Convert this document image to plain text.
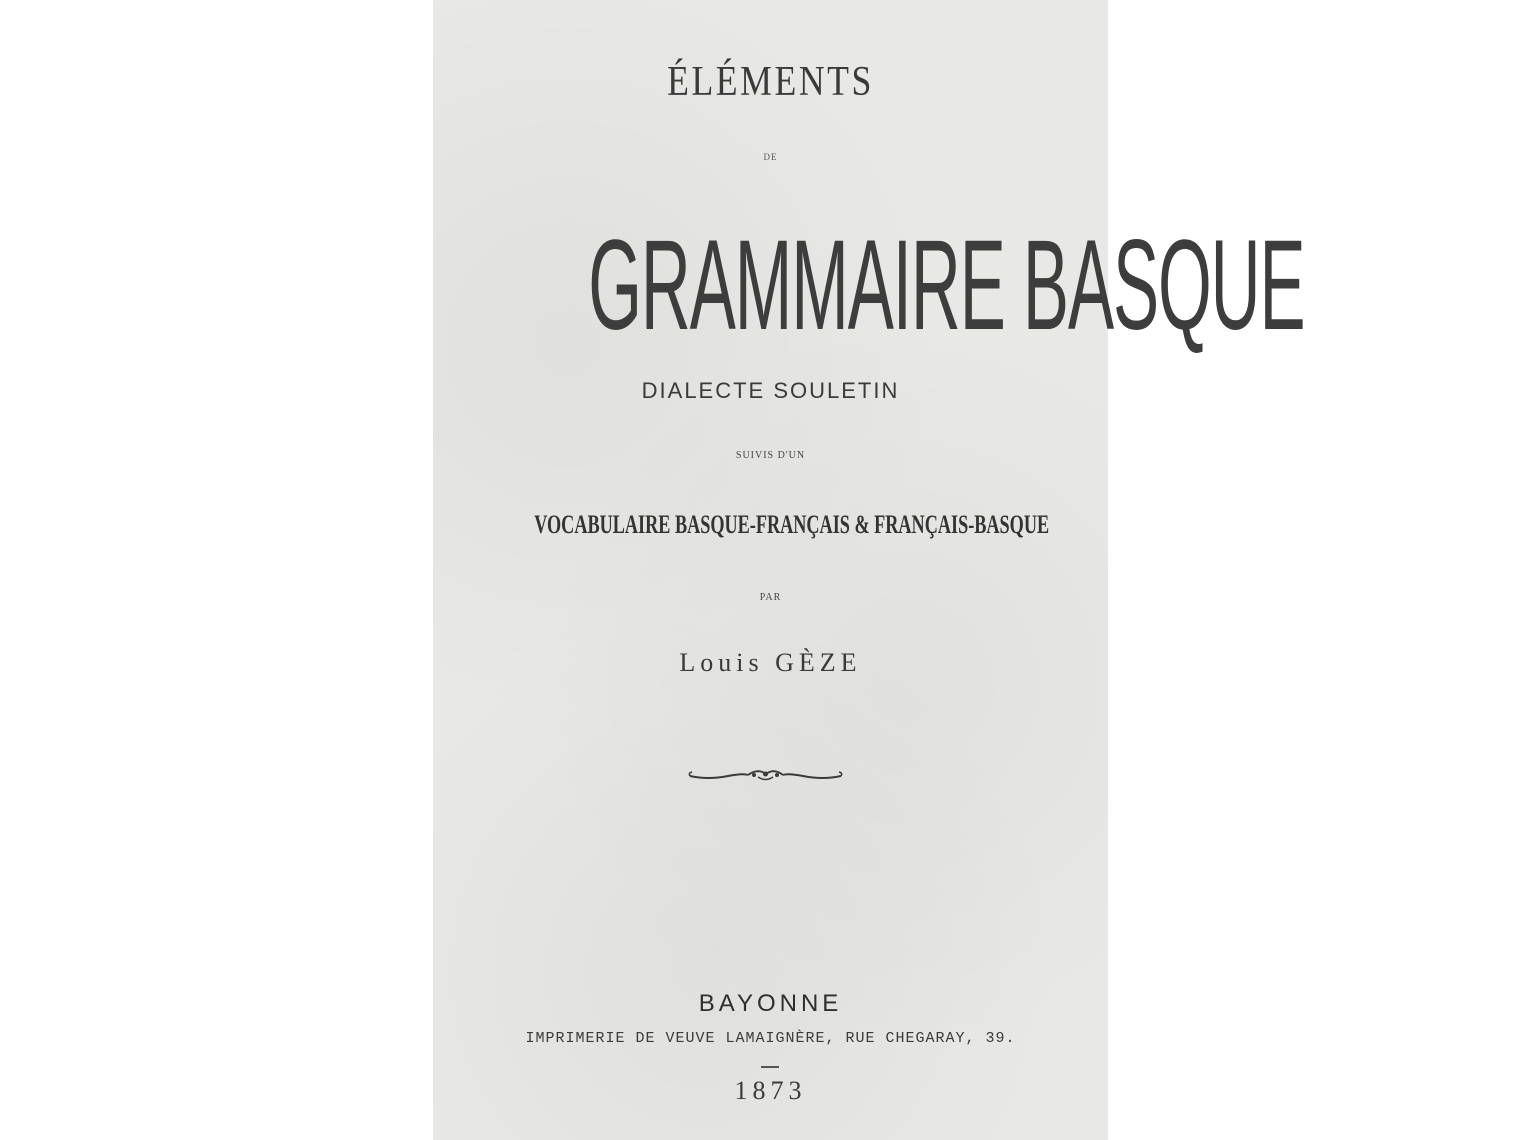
ÉLÉMENTS
DE
GRAMMAIRE BASQUE
DIALECTE SOULETIN
SUIVIS D'UN
VOCABULAIRE BASQUE-FRANÇAIS & FRANÇAIS-BASQUE
PAR
Louis GÈZE
BAYONNE
IMPRIMERIE DE VEUVE LAMAIGNÈRE, RUE CHEGARAY, 39.
1873
